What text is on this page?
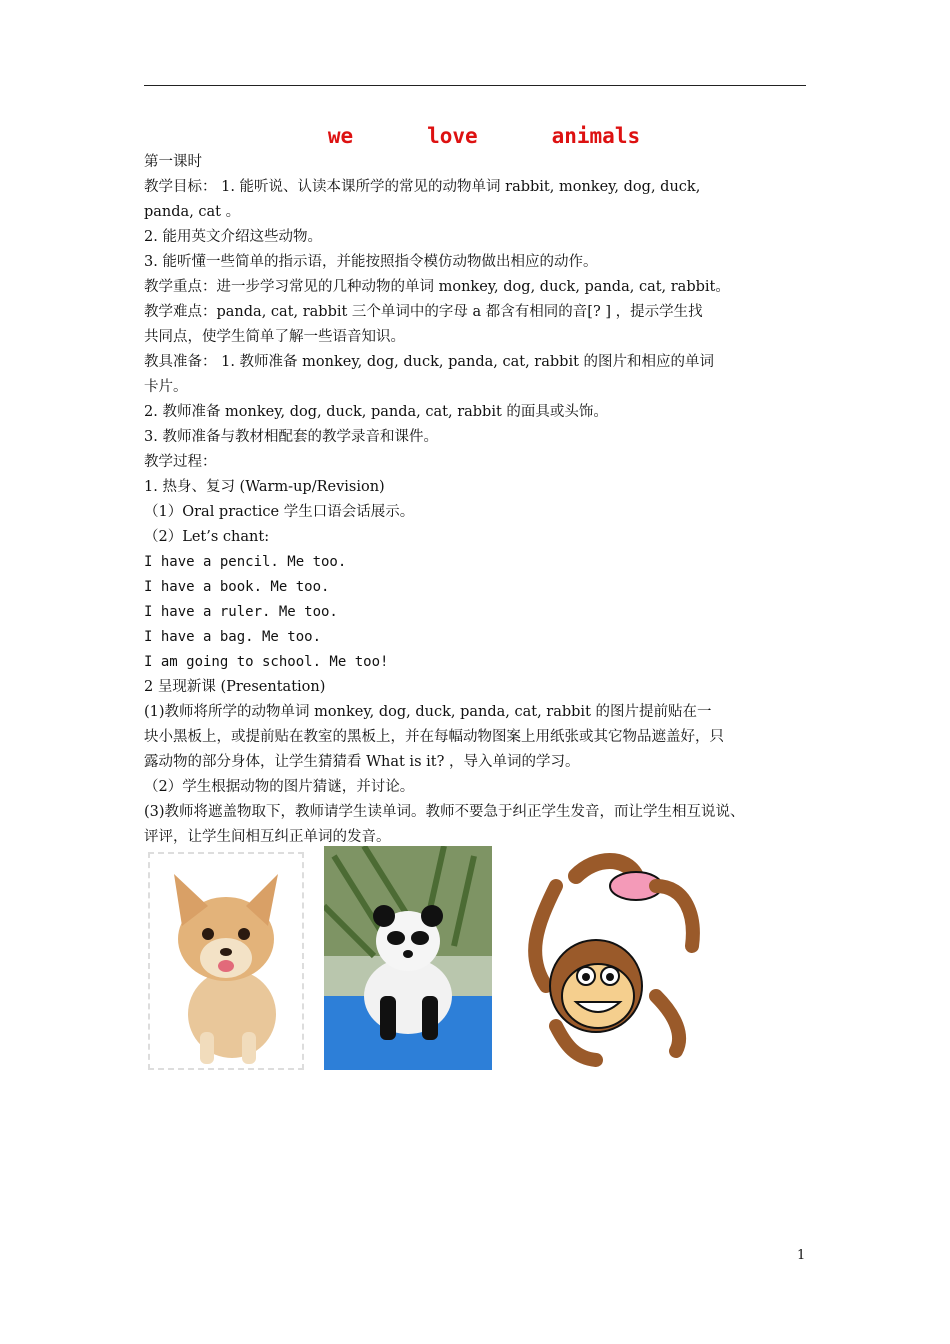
we   love   animals

第一课时

教学目标： 1. 能听说、认读本课所学的常见的动物单词 rabbit, monkey, dog, duck,

panda, cat 。

2. 能用英文介绍这些动物。

3. 能听懂一些简单的指示语，并能按照指令模仿动物做出相应的动作。

教学重点：进一步学习常见的几种动物的单词 monkey, dog, duck, panda, cat, rabbit。

教学难点：panda, cat, rabbit 三个单词中的字母 a 都含有相同的音[? ] ，提示学生找

共同点，使学生简单了解一些语音知识。

教具准备： 1. 教师准备 monkey, dog, duck, panda, cat, rabbit 的图片和相应的单词

卡片。

2. 教师准备 monkey, dog, duck, panda, cat, rabbit 的面具或头饰。

3. 教师准备与教材相配套的教学录音和课件。

教学过程：

1. 热身、复习 (Warm-up/Revision)

（1）Oral practice 学生口语会话展示。

（2）Let’s chant:

I have a pencil. Me too.

I have a book. Me too.

I have a ruler. Me too.

I have a bag. Me too.

I am going to school. Me too!

2 呈现新课 (Presentation)

(1)教师将所学的动物单词 monkey, dog, duck, panda, cat, rabbit 的图片提前贴在一

块小黑板上，或提前贴在教室的黑板上，并在每幅动物图案上用纸张或其它物品遮盖好，只

露动物的部分身体，让学生猜猜看 What is it? ，导入单词的学习。

（2）学生根据动物的图片猜谜，并讨论。

(3)教师将遮盖物取下，教师请学生读单词。教师不要急于纠正学生发音，而让学生相互说说、

评评，让学生间相互纠正单词的发音。

1
